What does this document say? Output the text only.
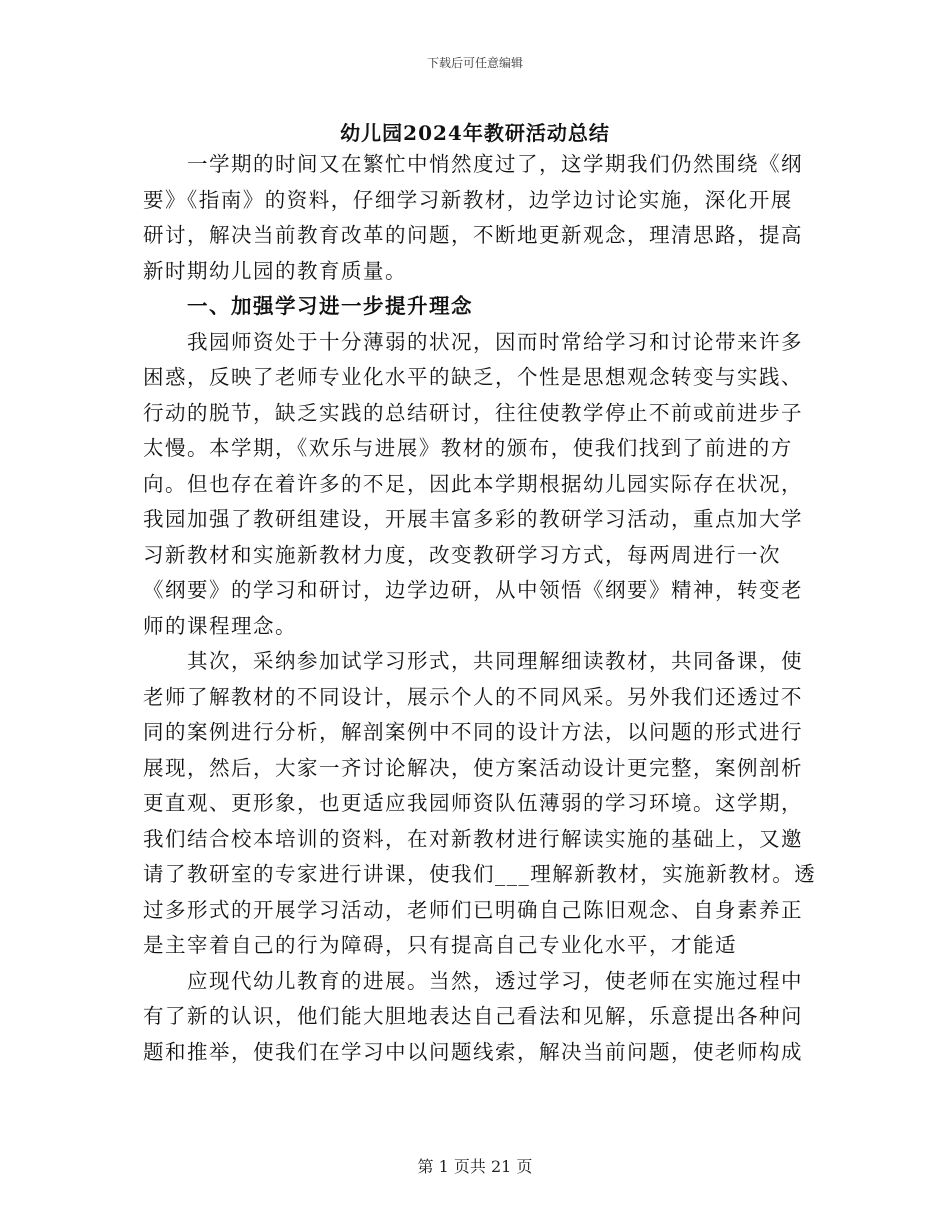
下载后可任意编辑
幼儿园2024年教研活动总结
一学期的时间又在繁忙中悄然度过了，这学期我们仍然围绕《纲
要》《指南》的资料，仔细学习新教材，边学边讨论实施，深化开展
研讨，解决当前教育改革的问题，不断地更新观念，理清思路，提高
新时期幼儿园的教育质量。
一、加强学习进一步提升理念
我园师资处于十分薄弱的状况，因而时常给学习和讨论带来许多
困惑，反映了老师专业化水平的缺乏，个性是思想观念转变与实践、
行动的脱节，缺乏实践的总结研讨，往往使教学停止不前或前进步子
太慢。本学期，《欢乐与进展》教材的颁布，使我们找到了前进的方
向。但也存在着许多的不足，因此本学期根据幼儿园实际存在状况，
我园加强了教研组建设，开展丰富多彩的教研学习活动，重点加大学
习新教材和实施新教材力度，改变教研学习方式，每两周进行一次
《纲要》的学习和研讨，边学边研，从中领悟《纲要》精神，转变老
师的课程理念。
其次，采纳参加试学习形式，共同理解细读教材，共同备课，使
老师了解教材的不同设计，展示个人的不同风采。另外我们还透过不
同的案例进行分析，解剖案例中不同的设计方法，以问题的形式进行
展现，然后，大家一齐讨论解决，使方案活动设计更完整，案例剖析
更直观、更形象，也更适应我园师资队伍薄弱的学习环境。这学期，
我们结合校本培训的资料，在对新教材进行解读实施的基础上，又邀
请了教研室的专家进行讲课，使我们___理解新教材，实施新教材。透
过多形式的开展学习活动，老师们已明确自己陈旧观念、自身素养正
是主宰着自己的行为障碍，只有提高自己专业化水平，才能适
应现代幼儿教育的进展。当然，透过学习，使老师在实施过程中
有了新的认识，他们能大胆地表达自己看法和见解，乐意提出各种问
题和推举，使我们在学习中以问题线索，解决当前问题，使老师构成
第 1 页共 21 页
